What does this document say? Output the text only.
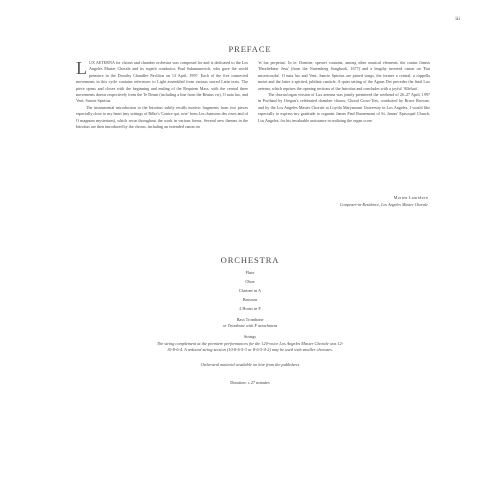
iii
PREFACE

LUX AETERNA for chorus and chamber orchestra was composed for and is dedicated to the Los Angeles Master Chorale and its superb conductor, Paul Salamunovich, who gave the world premiere in the Dorothy Chandler Pavilion on 13 April, 1997. Each of the five connected movements in this cycle contains references to Light assembled from various sacred Latin texts. The piece opens and closes with the beginning and ending of the Requiem Mass, with the central three movements drawn respectively from the Te Deum (including a line from the Beatus vir), O nata lux, and Veni, Sancte Spiritus.

The instrumental introduction to the Introitus subtly recalls motivic fragments from two pieces especially close to my heart (my settings of Rilke's 'Contre qui, rose' from Les chansons des roses and of O magnum mysterium), which recur throughout the work in various forms. Several new themes in the Introitus are then introduced by the chorus, including an extended canon on

'et lux perpetua'. In te, Domine, speravi contains, among other musical elements, the cantus firmus 'Herzliebster Jesu' (from the Nuremberg Songbook, 1677) and a lengthy inverted canon on 'Fiat misericordia'. O nata lux and Veni, Sancte Spiritus are paired songs, the former a central, a cappella motet and the latter a spirited, jubilant canticle. A quiet setting of the Agnus Dei precedes the final Lux aeterna, which reprises the opening sections of the Introitus and concludes with a joyful 'Alleluia'.

The chorus/organ version of Lux aeterna was jointly premiered the weekend of 26–27 April, 1997 in Portland by Oregon's celebrated chamber chorus, Choral Cross-Ties, conducted by Bruce Browne, and by the Los Angeles Master Chorale at Loyola Marymount University in Los Angeles. I would like especially to express my gratitude to organist James Paul Buonemani of St. James' Episcopal Church, Los Angeles, for his invaluable assistance in realizing the organ score.

Morten Lauridsen
Composer-in-Residence, Los Angeles Master Chorale
ORCHESTRA
Flute
Oboe
Clarinet in A
Bassoon
2 Horns in F
Bass Trombone
or Trombone with F attachment
Strings
The string complement at the premiere performances for the 120-voice Los Angeles Master Chorale was 12-
10-8-6-4. A reduced string section (10-8-6-5-3 or 8-6-5-4-2) may be used with smaller choruses.
Orchestral material available on hire from the publishers
Duration: c.27 minutes
